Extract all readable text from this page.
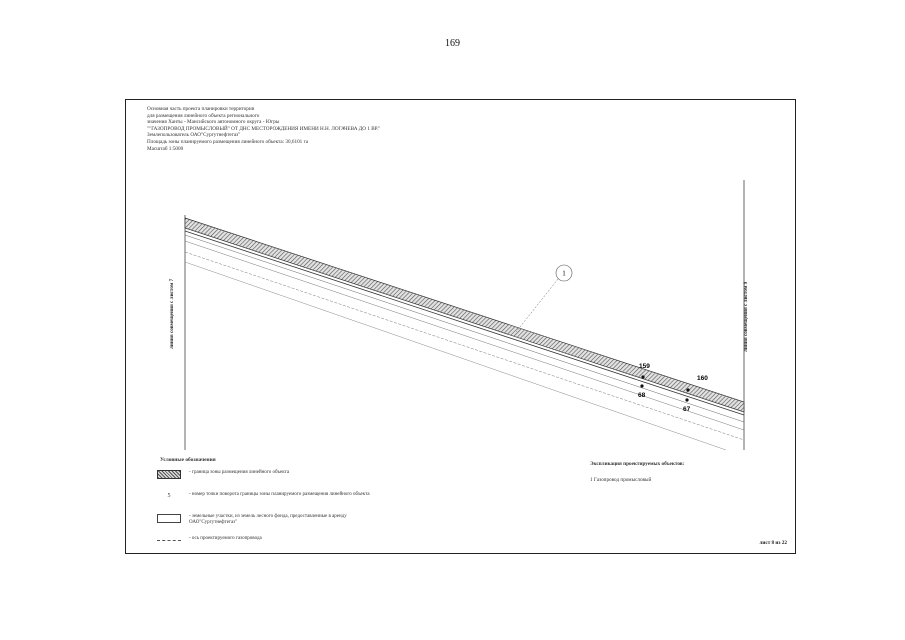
169
Основная часть проекта планировки территории
для размещения линейного объекта регионального
значения Ханты - Мансийского автономного округа - Югры
""ГАЗОПРОВОД ПРОМЫСЛОВЫЙ" ОТ ДНС МЕСТОРОЖДЕНИЯ ИМЕНИ Н.Н. ЛОГАЧЕВА ДО 1 ВР."
Землепользователь ОАО"Сургутнефтегаз"
Площадь зоны планируемого размещения линейного объекта: 30,6101 га
Масштаб 1:5000
1
159
160
68
67
линия совмещения с листом 7	линия совмещения с листом 9
Условные обозначения
- граница зоны размещения линейного объекта
5	- номер точки поворота границы зоны планируемого размещения линейного объекта
- земельные участки, из земель лесного фонда, предоставленные в аренду ОАО"Сургутнефтегаз"
- ось проектируемого газопровода
Экспликация проектируемых объектов:
1 Газопровод промысловый
лист 8 из 22
